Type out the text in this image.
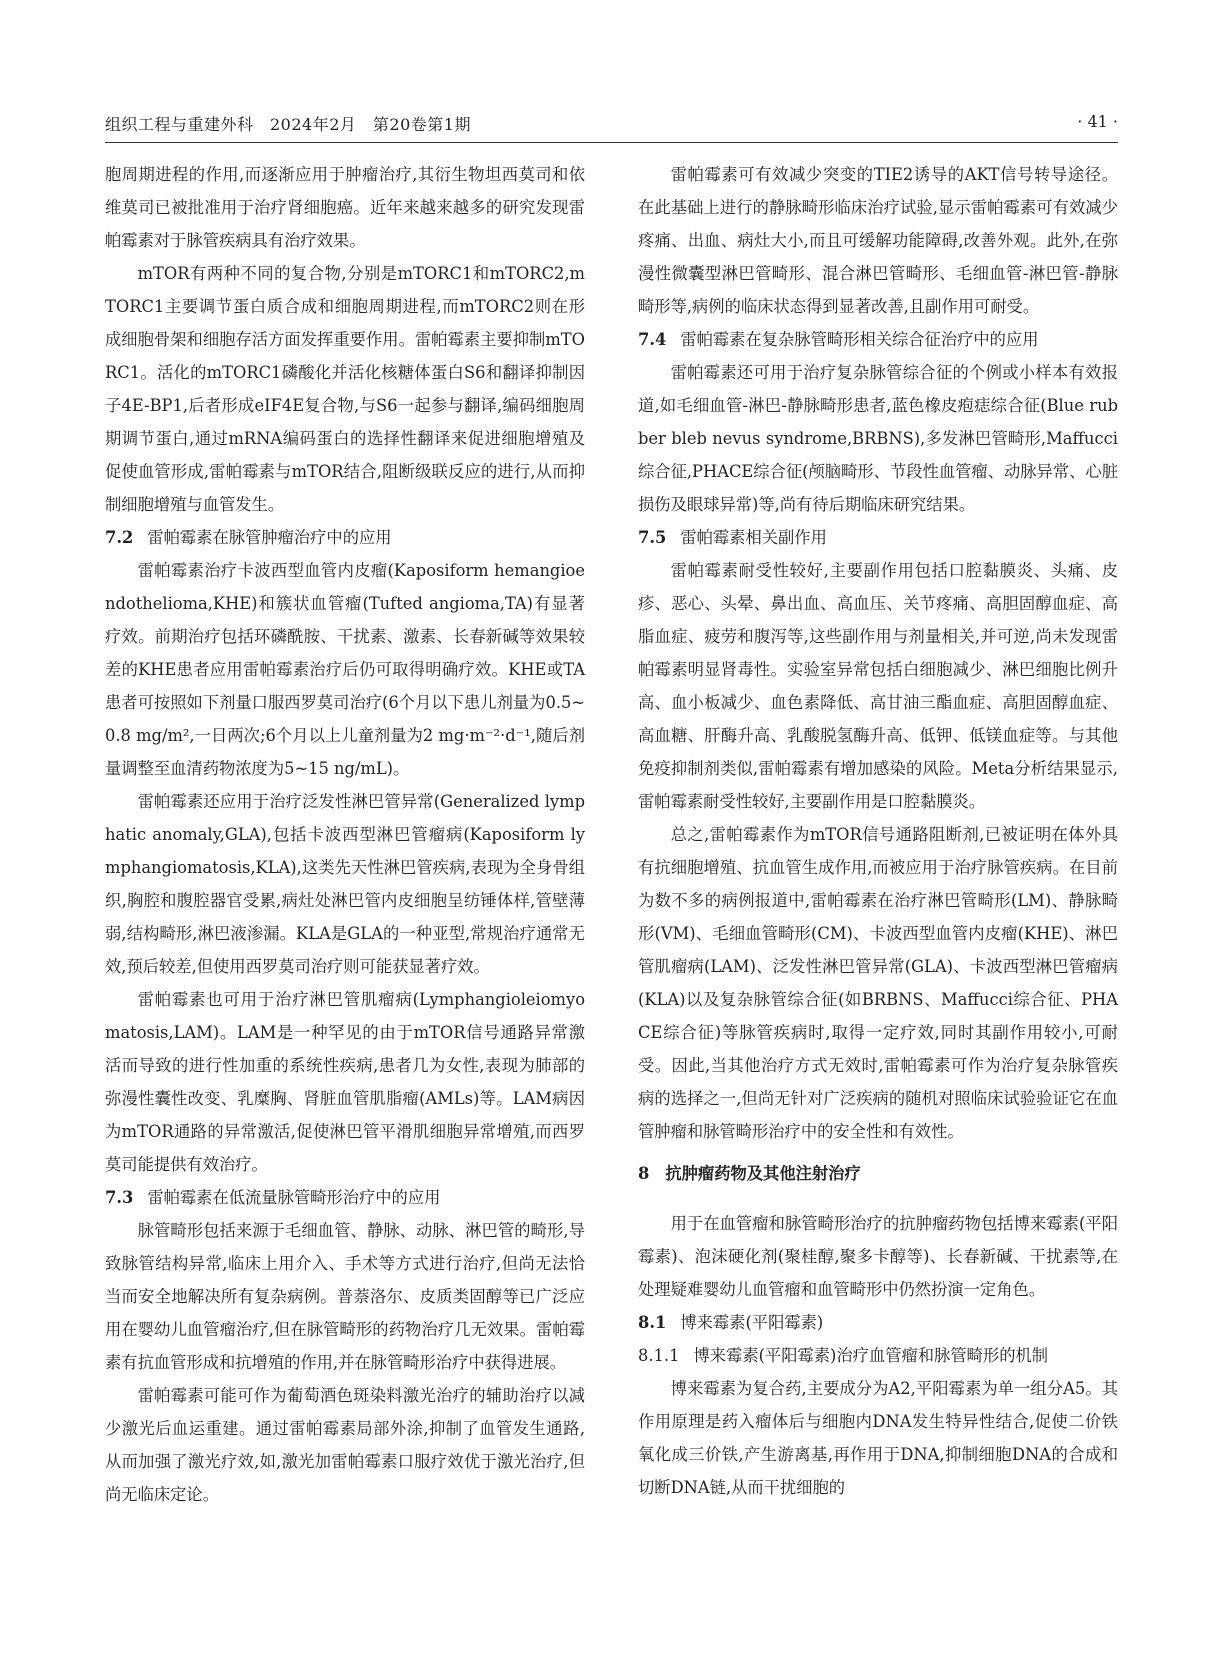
组织工程与重建外科　2024年2月　第20卷第1期	· 41 ·

胞周期进程的作用,而逐渐应用于肿瘤治疗,其衍生物坦西莫司和依维莫司已被批准用于治疗肾细胞癌。近年来越来越多的研究发现雷帕霉素对于脉管疾病具有治疗效果。

mTOR有两种不同的复合物,分别是mTORC1和mTORC2,mTORC1主要调节蛋白质合成和细胞周期进程,而mTORC2则在形成细胞骨架和细胞存活方面发挥重要作用。雷帕霉素主要抑制mTORC1。活化的mTORC1磷酸化并活化核糖体蛋白S6和翻译抑制因子4E-BP1,后者形成eIF4E复合物,与S6一起参与翻译,编码细胞周期调节蛋白,通过mRNA编码蛋白的选择性翻译来促进细胞增殖及促使血管形成,雷帕霉素与mTOR结合,阻断级联反应的进行,从而抑制细胞增殖与血管发生。

7.2 雷帕霉素在脉管肿瘤治疗中的应用

雷帕霉素治疗卡波西型血管内皮瘤(Kaposiform hemangioendothelioma,KHE)和簇状血管瘤(Tufted angioma,TA)有显著疗效。前期治疗包括环磷酰胺、干扰素、激素、长春新碱等效果较差的KHE患者应用雷帕霉素治疗后仍可取得明确疗效。KHE或TA患者可按照如下剂量口服西罗莫司治疗(6个月以下患儿剂量为0.5~0.8 mg/m²,一日两次;6个月以上儿童剂量为2 mg·m⁻²·d⁻¹,随后剂量调整至血清药物浓度为5~15 ng/mL)。

雷帕霉素还应用于治疗泛发性淋巴管异常(Generalized lymphatic anomaly,GLA),包括卡波西型淋巴管瘤病(Kaposiform lymphangiomatosis,KLA),这类先天性淋巴管疾病,表现为全身骨组织,胸腔和腹腔器官受累,病灶处淋巴管内皮细胞呈纺锤体样,管壁薄弱,结构畸形,淋巴液渗漏。KLA是GLA的一种亚型,常规治疗通常无效,预后较差,但使用西罗莫司治疗则可能获显著疗效。

雷帕霉素也可用于治疗淋巴管肌瘤病(Lymphangioleiomyomatosis,LAM)。LAM是一种罕见的由于mTOR信号通路异常激活而导致的进行性加重的系统性疾病,患者几为女性,表现为肺部的弥漫性囊性改变、乳糜胸、肾脏血管肌脂瘤(AMLs)等。LAM病因为mTOR通路的异常激活,促使淋巴管平滑肌细胞异常增殖,而西罗莫司能提供有效治疗。

7.3 雷帕霉素在低流量脉管畸形治疗中的应用

脉管畸形包括来源于毛细血管、静脉、动脉、淋巴管的畸形,导致脉管结构异常,临床上用介入、手术等方式进行治疗,但尚无法恰当而安全地解决所有复杂病例。普萘洛尔、皮质类固醇等已广泛应用在婴幼儿血管瘤治疗,但在脉管畸形的药物治疗几无效果。雷帕霉素有抗血管形成和抗增殖的作用,并在脉管畸形治疗中获得进展。

雷帕霉素可能可作为葡萄酒色斑染料激光治疗的辅助治疗以减少激光后血运重建。通过雷帕霉素局部外涂,抑制了血管发生通路,从而加强了激光疗效,如,激光加雷帕霉素口服疗效优于激光治疗,但尚无临床定论。

雷帕霉素可有效减少突变的TIE2诱导的AKT信号转导途径。在此基础上进行的静脉畸形临床治疗试验,显示雷帕霉素可有效减少疼痛、出血、病灶大小,而且可缓解功能障碍,改善外观。此外,在弥漫性微囊型淋巴管畸形、混合淋巴管畸形、毛细血管-淋巴管-静脉畸形等,病例的临床状态得到显著改善,且副作用可耐受。

7.4 雷帕霉素在复杂脉管畸形相关综合征治疗中的应用

雷帕霉素还可用于治疗复杂脉管综合征的个例或小样本有效报道,如毛细血管-淋巴-静脉畸形患者,蓝色橡皮疱痣综合征(Blue rubber bleb nevus syndrome,BRBNS),多发淋巴管畸形,Maffucci综合征,PHACE综合征(颅脑畸形、节段性血管瘤、动脉异常、心脏损伤及眼球异常)等,尚有待后期临床研究结果。

7.5 雷帕霉素相关副作用

雷帕霉素耐受性较好,主要副作用包括口腔黏膜炎、头痛、皮疹、恶心、头晕、鼻出血、高血压、关节疼痛、高胆固醇血症、高脂血症、疲劳和腹泻等,这些副作用与剂量相关,并可逆,尚未发现雷帕霉素明显肾毒性。实验室异常包括白细胞减少、淋巴细胞比例升高、血小板减少、血色素降低、高甘油三酯血症、高胆固醇血症、高血糖、肝酶升高、乳酸脱氢酶升高、低钾、低镁血症等。与其他免疫抑制剂类似,雷帕霉素有增加感染的风险。Meta分析结果显示,雷帕霉素耐受性较好,主要副作用是口腔黏膜炎。

总之,雷帕霉素作为mTOR信号通路阻断剂,已被证明在体外具有抗细胞增殖、抗血管生成作用,而被应用于治疗脉管疾病。在目前为数不多的病例报道中,雷帕霉素在治疗淋巴管畸形(LM)、静脉畸形(VM)、毛细血管畸形(CM)、卡波西型血管内皮瘤(KHE)、淋巴管肌瘤病(LAM)、泛发性淋巴管异常(GLA)、卡波西型淋巴管瘤病(KLA)以及复杂脉管综合征(如BRBNS、Maffucci综合征、PHACE综合征)等脉管疾病时,取得一定疗效,同时其副作用较小,可耐受。因此,当其他治疗方式无效时,雷帕霉素可作为治疗复杂脉管疾病的选择之一,但尚无针对广泛疾病的随机对照临床试验验证它在血管肿瘤和脉管畸形治疗中的安全性和有效性。

8 抗肿瘤药物及其他注射治疗

用于在血管瘤和脉管畸形治疗的抗肿瘤药物包括博来霉素(平阳霉素)、泡沫硬化剂(聚桂醇,聚多卡醇等)、长春新碱、干扰素等,在处理疑难婴幼儿血管瘤和血管畸形中仍然扮演一定角色。

8.1 博来霉素(平阳霉素)
8.1.1 博来霉素(平阳霉素)治疗血管瘤和脉管畸形的机制

博来霉素为复合药,主要成分为A2,平阳霉素为单一组分A5。其作用原理是药入瘤体后与细胞内DNA发生特异性结合,促使二价铁氧化成三价铁,产生游离基,再作用于DNA,抑制细胞DNA的合成和切断DNA链,从而干扰细胞的
